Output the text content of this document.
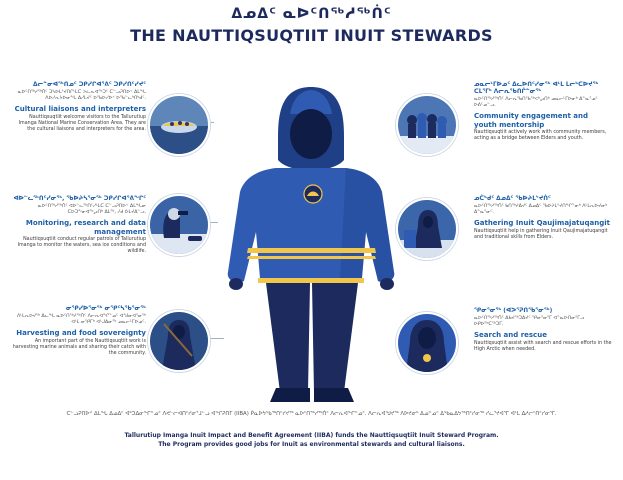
ᐃᓄᐃᑦ ᓇᐅᑦᑎᖅᓱᖅᑏᑦ
THE NAUTTIQSUQTIIT INUIT STEWARDS
ᐃᓕᓐᓂᐊᖅᑎᓄᑦ ᑐᑭᓯᒋᐊᕐᕕᑦ ᑐᑭᓯᑎᑦᓯᔪᑦ
ᓇᐅᑦᑎᖅᓱᖅᑏᑦ ᑐᓴᐅᒪᔾᔪᑎᒋᒻᒪᑕ ᐳᓛᕆᐊᖅᑐᑦ ᑕᓪᓗᕈᑎᐅᑉ ᐃᒪᖓ ᐱᐅᓯᕆᔭᐅᓂᖓ ᐃᓯᒪᔪᑦ ᐅᖃᐅᓯᐅᑉ ᐅᖃᓪᓚᒃᑎᒃᑯᑦ.
Cultural liaisons and interpreters
Nauttiqsuqtiit welcome visitors to the Tallurutiup Imanga National Marine Conservation Area. They are the cultural liaisons and interpreters for the area.
ᐊᐅᓪᓚᖅᑎᑦᓯᓂᖅ, ᖃᐅᔨᓴᕐᓂᖅ ᑐᑭᓯᒋᐊᕐᕕᖏᑦ
ᓇᐅᑦᑎᖅᓱᖅᑏᑦ ᐊᐅᓪᓚᖅᑎᑦᓯᒻᒪᑕ ᑕᓪᓗᕈᑎᐅᑉ ᐃᒪᖓᓂ ᑕᐅᑐᖕᓂᐊᖅᖢᑎᒃ ᐃᒪᖅ, ᓯᑯ ᐆᒪᔪᐃᓪᓗ.
Monitoring, research and data management
Nauttiqsuqtiit conduct regular patrols of Tallurutiup Imanga to monitor the waters, sea ice conditions and wildlife.
ᓂᕿᓯᐅᕐᓂᖅ ᓂᕿᑦᓴᖃᕐᓂᖅ
ᐱᒻᒪᕆᐅᔪᖅ ᐃᓚᖓ ᓇᐅᑦᑎᖅᓱᖅᑏᑦ ᐱᓕᕆᐊᖏᓐᓄᑦ ᐊᖑᓂᐊᕐᓂᖅ ᐊᒻᒪ ᓂᕿᒥᒃ ᐊᒡᒍᐃᓂᖅ ᓄᓇᓕᒻᒥᐅᓄᑦ.
Harvesting and food sovereignty
An important part of the Nauttiqsuqtiit work is harvesting marine animals and sharing their catch with the community.
ᓄᓇᓕᒻᒥᐅᓄᑦ ᐃᓚᐅᑎᑦᓯᓂᖅ ᐊᒻᒪ ᒪᓕᒃᑕᐅᔪᖅ ᑕᒪᕐᒥᒃ ᐱᓕᕆᖃᑎᒌᓐᓂᖅ
ᓇᐅᑦᑎᖅᓱᖅᑏᑦ ᐱᓕᕆᖃᑎᖃᖅᐸᒃᖢᑎᒃ ᓄᓇᓕᒻᒥᐅᓂᒃ ᐃᓐᓇᕐᓄᑦ ᐅᕕᑦᓄᓪᓗ.
Community engagement and youth mentorship
Nauttiqsuqtiit actively work with community members, acting as a bridge between Elders and youth.
ᓄᑖᒃᑯᑦ ᐃᓄᐃᑦ ᖃᐅᔨᒪᔾᔪᑏᑦ
ᓇᐅᑦᑎᖅᓱᖅᑏᑦ ᑲᑎᖅᓱᐃᔪᑦ ᐃᓄᐃᑦ ᖃᐅᔨᒪᔾᔪᑎᖏᓐᓂᒃ ᐱᒻᒪᕆᐅᔪᓂᒃ ᐃᓐᓇᕐᓂᑦ.
Gathering Inuit Qaujimajatuqangit
Nauttiqsuqtiit help in gathering Inuit Qaujimajatuqangit and traditional skills from Elders.
ᕿᓂᕐᓂᖅ (ᐊᐳᕐᕈᑎᖃᕐᓂᖅ)
ᓇᐅᑦᑎᖅᓱᖅᑏᑦ ᐃᑲᔪᖅᑐᐃᔪᑦ ᕿᓂᕐᓂᕐᒥ ᐊᓐᓇᐅᑎᓂᕐᒥᓗ ᐅᑭᐅᖅᑕᖅᑐᒥ.
Search and rescue
Nauttiqsuqtiit assist with search and rescue efforts in the High Arctic when needed.
ᑕᓪᓗᕈᑎᐅᑉ ᐃᒪᖓ ᐃᓄᐃᑦ ᐊᒃᑐᐃᓂᖏᓐᓄᑦ ᐱᕙᓪᓕᐊᑎᑦᓯᓂᕐᒧᓪᓗ ᐊᖏᕈᑎᒥ (IIBA) ᑮᓇᐅᔭᖃᖅᑎᑦᓯᔪᖅ ᓇᐅᑦᑎᖅᓱᖅᑏᑦ ᐱᓕᕆᐊᖏᓐᓄᑦ. ᐱᓕᕆᐊᖑᔪᖅ ᐱᐅᔪᓂᒃ ᐃᓄᓐᓄᑦ ᐃᖃᓇᐃᔭᖅᑎᑦᓯᓂᖅ ᓯᓚᕐᔪᐊᕐᒥ ᐊᒻᒪ ᐃᓱᓕᑦᑎᑦᓯᓂᕐᒥ.
Tallurutiup Imanga Inuit Impact and Benefit Agreement (IIBA) funds the Nauttiqsuqtiit Inuit Steward Program.
The Program provides good jobs for Inuit as environmental stewards and cultural liaisons.
